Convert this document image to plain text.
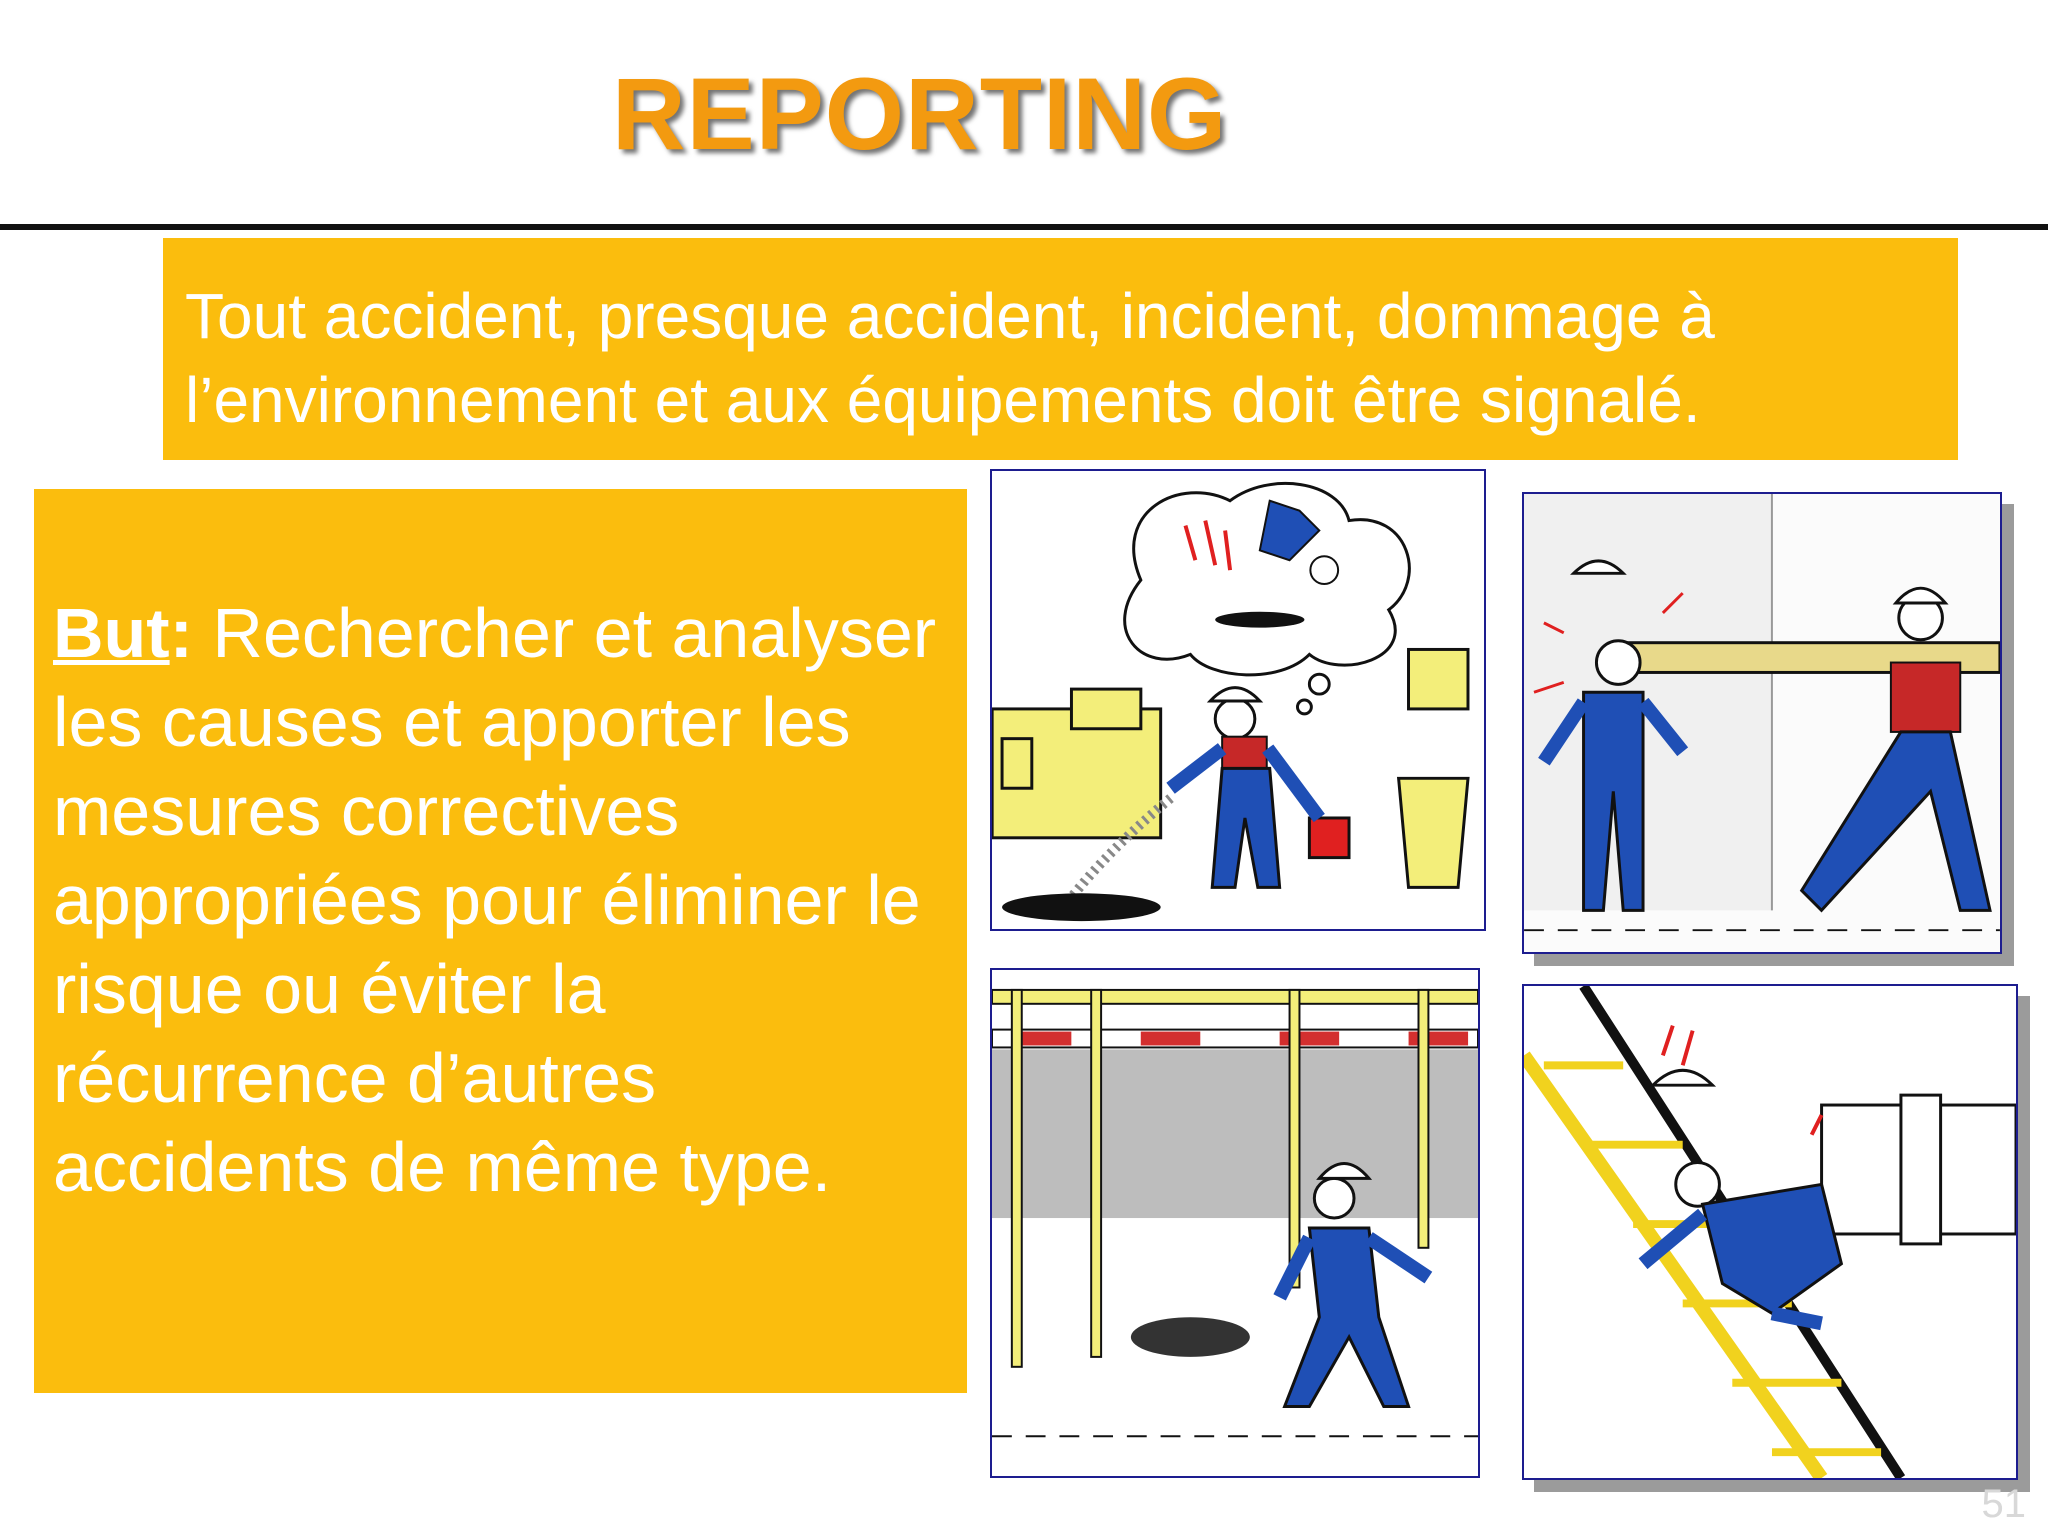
REPORTING

Tout accident, presque accident, incident, dommage à l’environnement et aux équipements doit être signalé.

But: Rechercher et analyser les causes et apporter les mesures correctives appropriées pour éliminer le risque ou éviter la récurrence d’autres accidents de même type.

51
